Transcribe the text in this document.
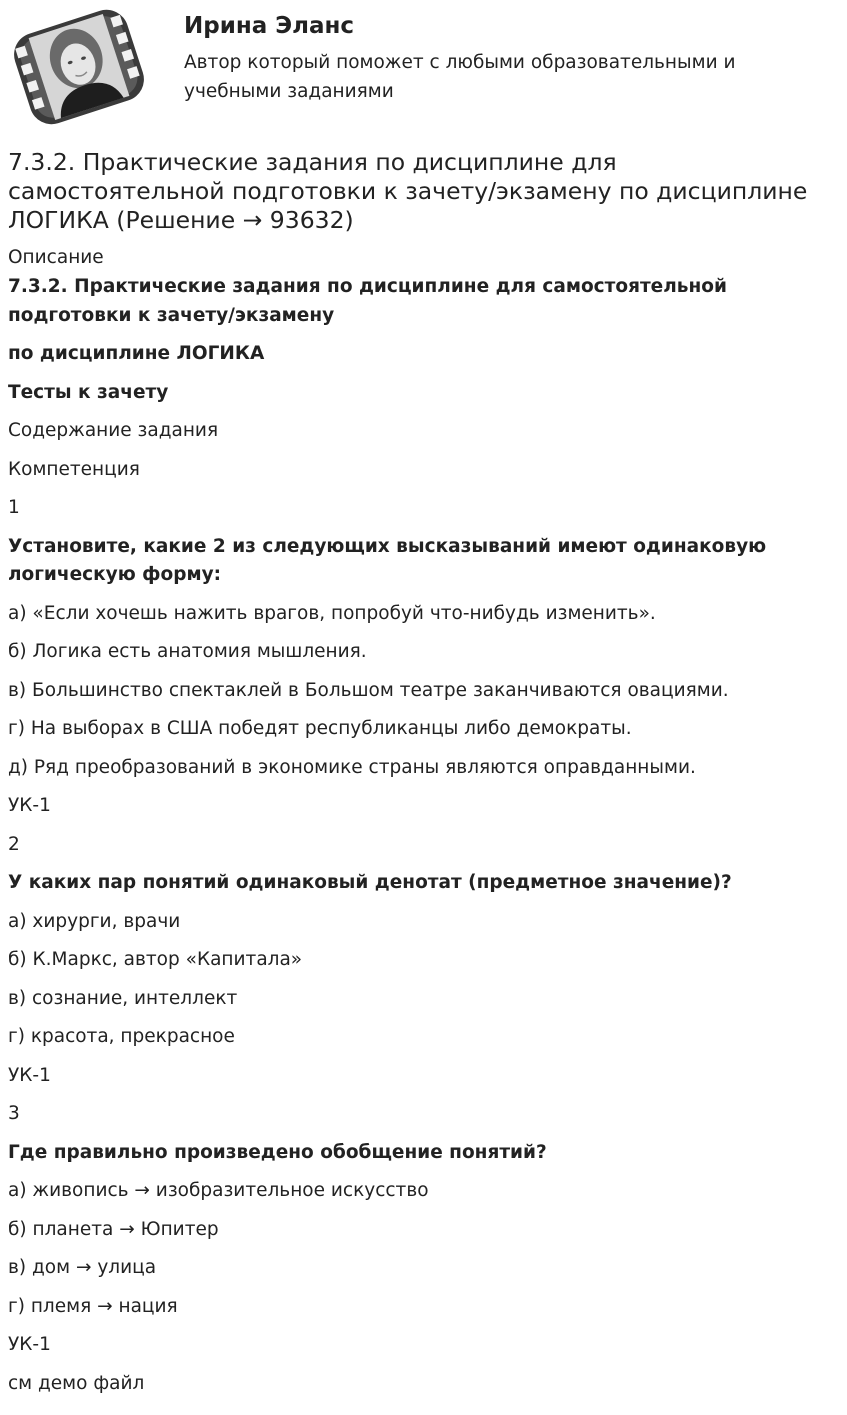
Ирина Эланс

Автор который поможет с любыми образовательными и учебными заданиями

7.3.2. Практические задания по дисциплине для самостоятельной подготовки к зачету/экзамену по дисциплине ЛОГИКА (Решение → 93632)
Описание

7.3.2. Практические задания по дисциплине для самостоятельной подготовки к зачету/экзамену

по дисциплине ЛОГИКА

Тесты к зачету

Содержание задания

Компетенция

1

Установите, какие 2 из следующих высказываний имеют одинаковую логическую форму:

а) «Если хочешь нажить врагов, попробуй что-нибудь изменить».

б) Логика есть анатомия мышления.

в) Большинство спектаклей в Большом театре заканчиваются овациями.

г) На выборах в США победят республиканцы либо демократы.

д) Ряд преобразований в экономике страны являются оправданными.

УК-1

2

У каких пар понятий одинаковый денотат (предметное значение)?

а) хирурги, врачи

б) К.Маркс, автор «Капитала»

в) сознание, интеллект

г) красота, прекрасное

УК-1

3

Где правильно произведено обобщение понятий?

а) живопись → изобразительное искусство

б) планета → Юпитер

в) дом → улица

г) племя → нация

УК-1

см демо файл
